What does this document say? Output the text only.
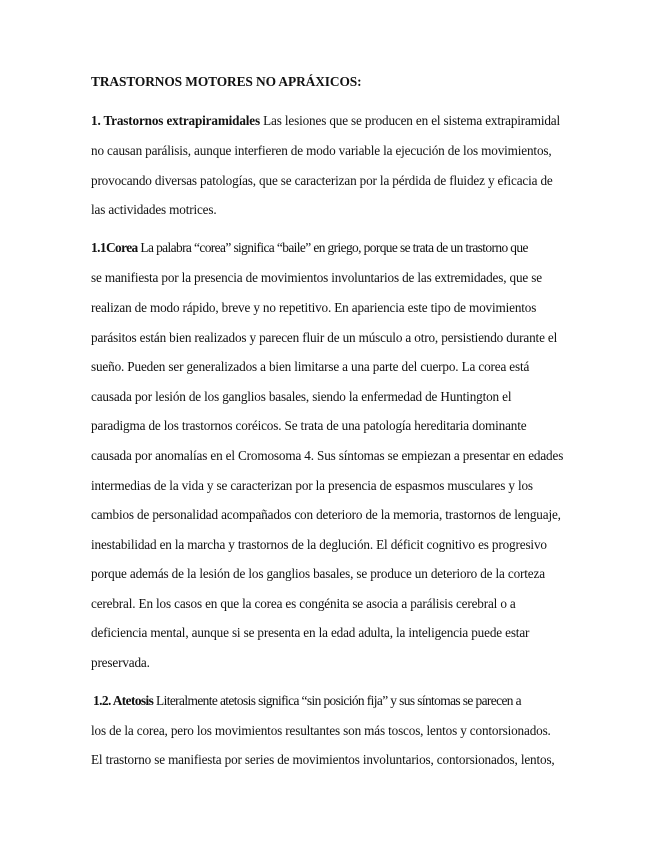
TRASTORNOS MOTORES NO APRÁXICOS:
1. Trastornos extrapiramidales Las lesiones que se producen en el sistema extrapiramidal
no causan parálisis, aunque interfieren de modo variable la ejecución de los movimientos,
provocando diversas patologías, que se caracterizan por la pérdida de fluidez y eficacia de
las actividades motrices.
1.1Corea La palabra “corea” significa “baile” en griego, porque se trata de un trastorno que
se manifiesta por la presencia de movimientos involuntarios de las extremidades, que se
realizan de modo rápido, breve y no repetitivo. En apariencia este tipo de movimientos
parásitos están bien realizados y parecen fluir de un músculo a otro, persistiendo durante el
sueño. Pueden ser generalizados a bien limitarse a una parte del cuerpo. La corea está
causada por lesión de los ganglios basales, siendo la enfermedad de Huntington el
paradigma de los trastornos coréicos. Se trata de una patología hereditaria dominante
causada por anomalías en el Cromosoma 4. Sus síntomas se empiezan a presentar en edades
intermedias de la vida y se caracterizan por la presencia de espasmos musculares y los
cambios de personalidad acompañados con deterioro de la memoria, trastornos de lenguaje,
inestabilidad en la marcha y trastornos de la deglución. El déficit cognitivo es progresivo
porque además de la lesión de los ganglios basales, se produce un deterioro de la corteza
cerebral. En los casos en que la corea es congénita se asocia a parálisis cerebral o a
deficiencia mental, aunque si se presenta en la edad adulta, la inteligencia puede estar
preservada.
1.2. Atetosis Literalmente atetosis significa “sin posición fija” y sus síntomas se parecen a
los de la corea, pero los movimientos resultantes son más toscos, lentos y contorsionados.
El trastorno se manifiesta por series de movimientos involuntarios, contorsionados, lentos,
